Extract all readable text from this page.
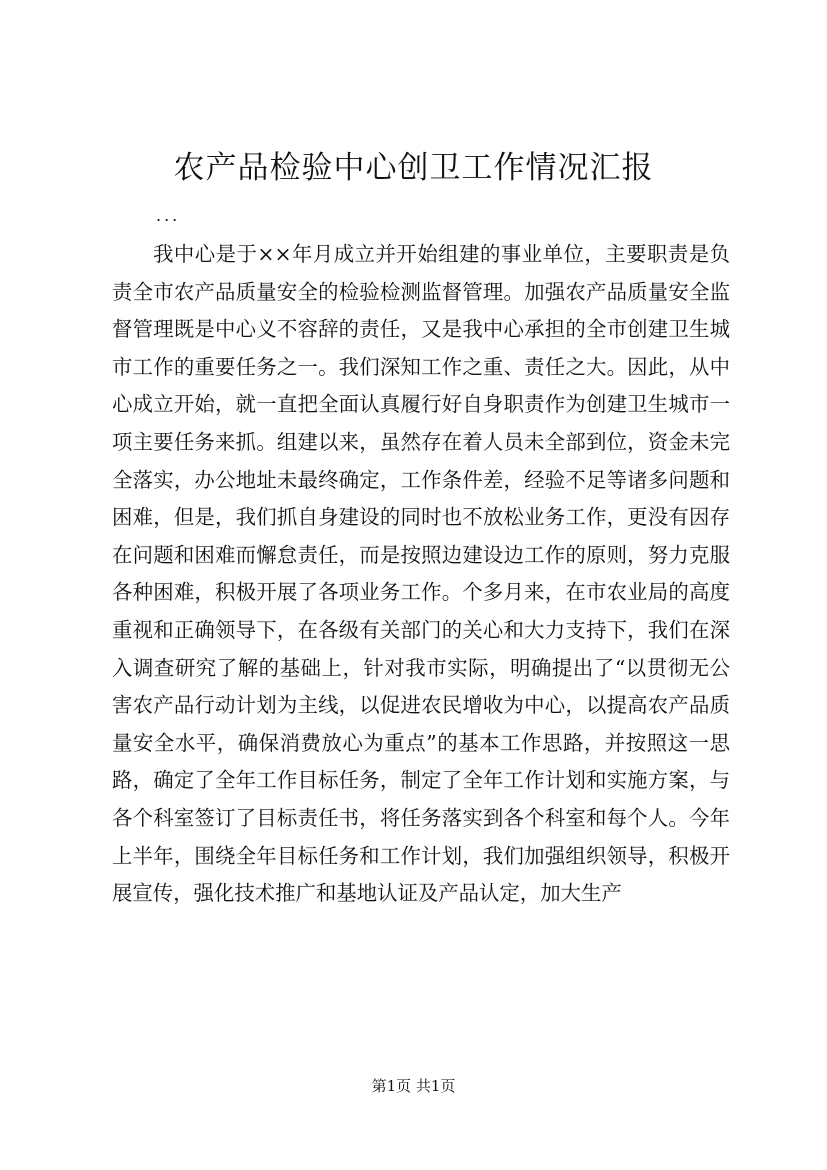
农产品检验中心创卫工作情况汇报
...

我中心是于××年月成立并开始组建的事业单位，主要职责是负责全市农产品质量安全的检验检测监督管理。加强农产品质量安全监督管理既是中心义不容辞的责任，又是我中心承担的全市创建卫生城市工作的重要任务之一。我们深知工作之重、责任之大。因此，从中心成立开始，就一直把全面认真履行好自身职责作为创建卫生城市一项主要任务来抓。组建以来，虽然存在着人员未全部到位，资金未完全落实，办公地址未最终确定，工作条件差，经验不足等诸多问题和困难，但是，我们抓自身建设的同时也不放松业务工作，更没有因存在问题和困难而懈怠责任，而是按照边建设边工作的原则，努力克服各种困难，积极开展了各项业务工作。个多月来，在市农业局的高度重视和正确领导下，在各级有关部门的关心和大力支持下，我们在深入调查研究了解的基础上，针对我市实际，明确提出了“以贯彻无公害农产品行动计划为主线，以促进农民增收为中心，以提高农产品质量安全水平，确保消费放心为重点”的基本工作思路，并按照这一思路，确定了全年工作目标任务，制定了全年工作计划和实施方案，与各个科室签订了目标责任书，将任务落实到各个科室和每个人。今年上半年，围绕全年目标任务和工作计划，我们加强组织领导，积极开展宣传，强化技术推广和基地认证及产品认定，加大生产

第1页 共1页
